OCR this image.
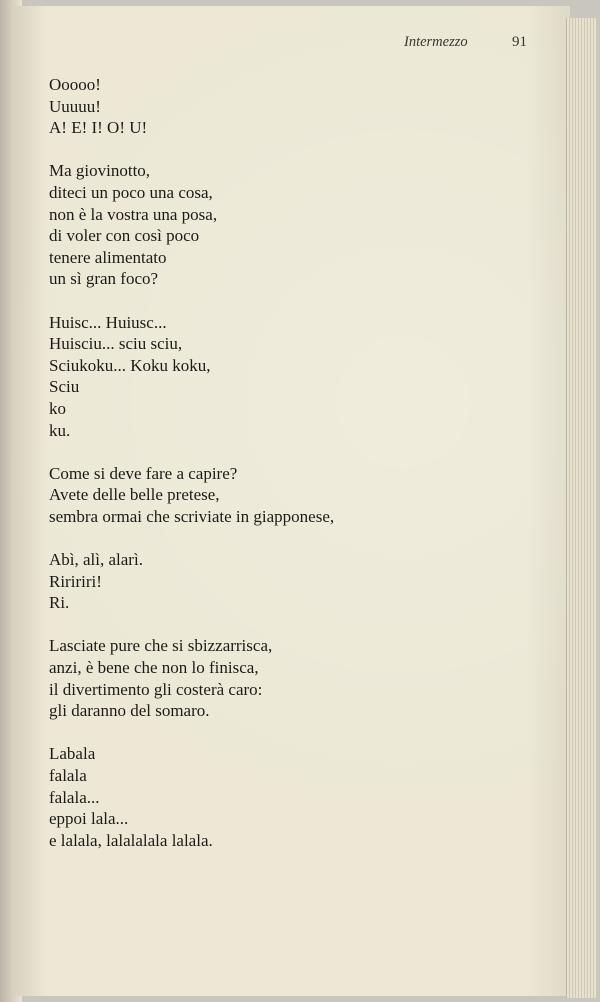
Intermezzo	91
Ooooo!
Uuuuu!
A! E! I! O! U!
Ma giovinotto,
diteci un poco una cosa,
non è la vostra una posa,
di voler con così poco
tenere alimentato
un sì gran foco?
Huisc... Huiusc...
Huisciu... sciu sciu,
Sciukoku... Koku koku,
Sciu
ko
ku.
Come si deve fare a capire?
Avete delle belle pretese,
sembra ormai che scriviate in giapponese,
Abì, alì, alarì.
Riririri!
Ri.
Lasciate pure che si sbizzarrisca,
anzi, è bene che non lo finisca,
il divertimento gli costerà caro:
gli daranno del somaro.
Labala
falala
falala...
eppoi lala...
e lalala, lalalalala lalala.
